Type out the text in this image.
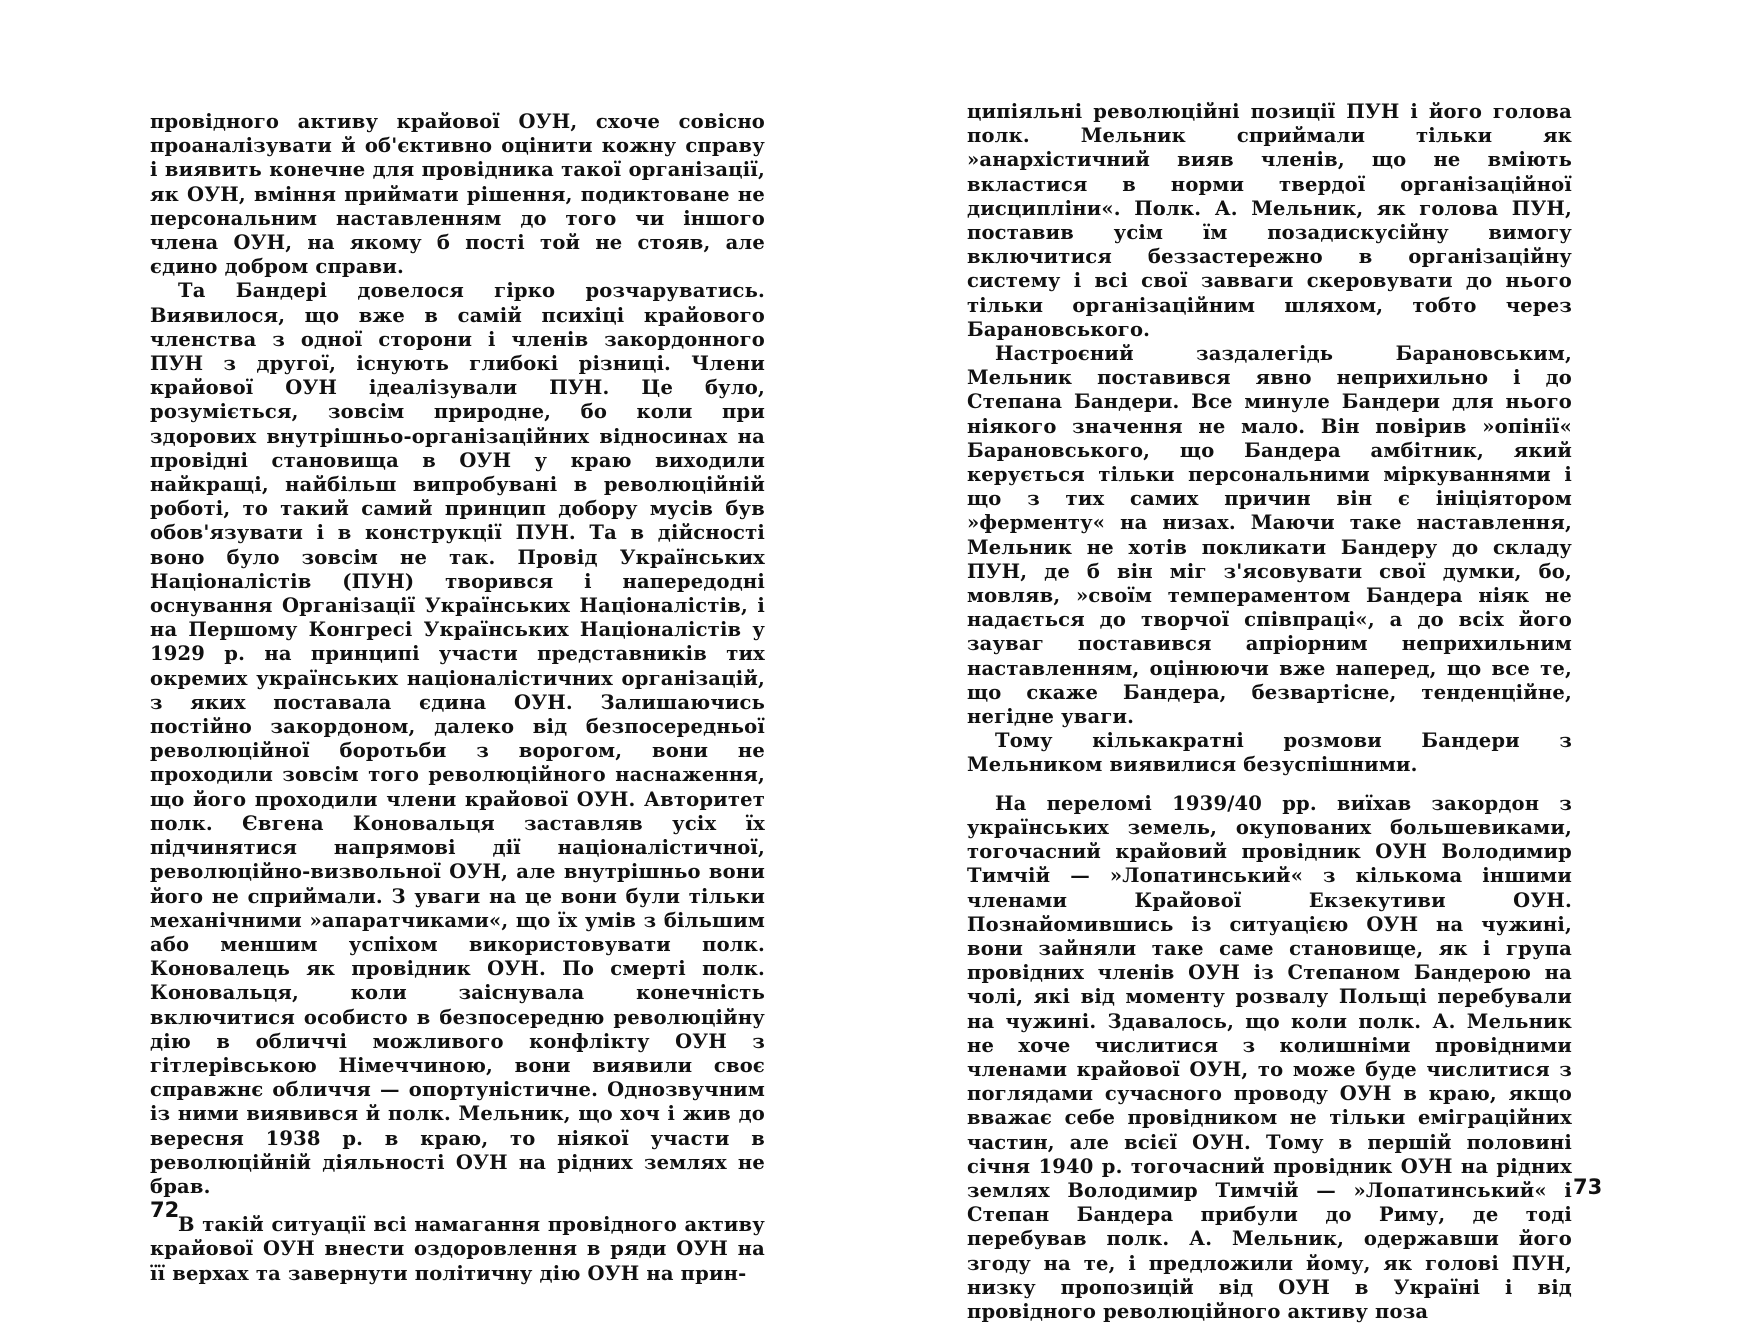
провідного активу крайової ОУН, схоче совісно проаналізувати й об'єктивно оцінити кожну справу і виявить конечне для провідника такої організації, як ОУН, вміння приймати рішення, подиктоване не персональним наставленням до того чи іншого члена ОУН, на якому б пості той не стояв, але єдино добром справи.

Та Бандері довелося гірко розчаруватись. Виявилося, що вже в самій психіці крайового членства з одної сторони і членів закордонного ПУН з другої, існують глибокі різниці. Члени крайової ОУН ідеалізували ПУН. Це було, розуміється, зовсім природне, бо коли при здорових внутрішньо-організаційних відносинах на провідні становища в ОУН у краю виходили найкращі, найбільш випробувані в революційній роботі, то такий самий принцип добору мусів був обов'язувати і в конструкції ПУН. Та в дійсності воно було зовсім не так. Провід Українських Націоналістів (ПУН) творився і напередодні оснування Організації Українських Націоналістів, і на Першому Конгресі Українських Націоналістів у 1929 р. на принципі участи представників тих окремих українських націоналістичних організацій, з яких поставала єдина ОУН. Залишаючись постійно закордоном, далеко від безпосередньої революційної боротьби з ворогом, вони не проходили зовсім того революційного наснаження, що його проходили члени крайової ОУН. Авторитет полк. Євгена Коновальця заставляв усіх їх підчинятися напрямові дії націоналістичної, революційно-визвольної ОУН, але внутрішньо вони його не сприймали. З уваги на це вони були тільки механічними »апаратчиками«, що їх умів з більшим або меншим успіхом використовувати полк. Коновалець як провідник ОУН. По смерті полк. Коновальця, коли заіснувала конечність включитися особисто в безпосередню революційну дію в обличчі можливого конфлікту ОУН з гітлерівською Німеччиною, вони виявили своє справжнє обличчя — опортуністичне. Однозвучним із ними виявився й полк. Мельник, що хоч і жив до вересня 1938 р. в краю, то ніякої участи в революційній діяльності ОУН на рідних землях не брав.

В такій ситуації всі намагання провідного активу крайової ОУН внести оздоровлення в ряди ОУН на її верхах та завернути політичну дію ОУН на прин-

72

ципіяльні революційні позиції ПУН і його голова полк. Мельник сприймали тільки як »анархістичний вияв членів, що не вміють вкластися в норми твердої організаційної дисципліни«. Полк. А. Мельник, як голова ПУН, поставив усім їм позадискусійну вимогу включитися беззастережно в організаційну систему і всі свої завваги скеровувати до нього тільки організаційним шляхом, тобто через Барановського.

Настроєний заздалегідь Барановським, Мельник поставився явно неприхильно і до Степана Бандери. Все минуле Бандери для нього ніякого значення не мало. Він повірив »опінії« Барановського, що Бандера амбітник, який керується тільки персональними міркуваннями і що з тих самих причин він є ініціятором »ферменту« на низах. Маючи таке наставлення, Мельник не хотів покликати Бандеру до складу ПУН, де б він міг з'ясовувати свої думки, бо, мовляв, »своїм темпераментом Бандера ніяк не надається до творчої співпраці«, а до всіх його зауваг поставився апріорним неприхильним наставленням, оцінюючи вже наперед, що все те, що скаже Бандера, безвартісне, тенденційне, негідне уваги.

Тому кількакратні розмови Бандери з Мельником виявилися безуспішними.

На переломі 1939/40 рр. виїхав закордон з українських земель, окупованих большевиками, тогочасний крайовий провідник ОУН Володимир Тимчій — »Лопатинський« з кількома іншими членами Крайової Екзекутиви ОУН. Познайомившись із ситуацією ОУН на чужині, вони зайняли таке саме становище, як і група провідних членів ОУН із Степаном Бандерою на чолі, які від моменту розвалу Польщі перебували на чужині. Здавалось, що коли полк. А. Мельник не хоче числитися з колишніми провідними членами крайової ОУН, то може буде числитися з поглядами сучасного проводу ОУН в краю, якщо вважає себе провідником не тільки еміграційних частин, але всієї ОУН. Тому в першій половині січня 1940 р. тогочасний провідник ОУН на рідних землях Володимир Тимчій — »Лопатинський« і Степан Бандера прибули до Риму, де тоді перебував полк. А. Мельник, одержавши його згоду на те, і предложили йому, як голові ПУН, низку пропозицій від ОУН в Україні і від провідного революційного активу поза

73
